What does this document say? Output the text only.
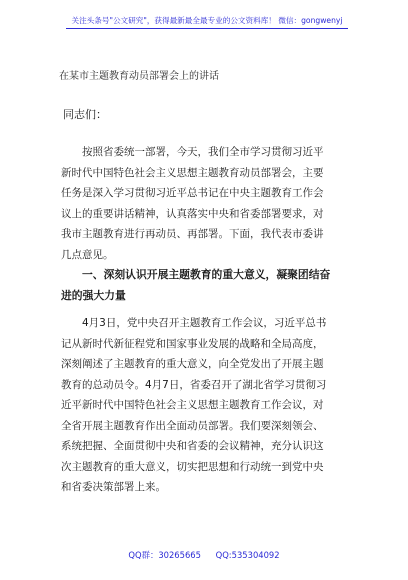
关注头条号"公文研究"，获得最新最全最专业的公文资料库！ 微信：gongwenyj
在某市主题教育动员部署会上的讲话
同志们：

按照省委统一部署，今天，我们全市学习贯彻习近平
新时代中国特色社会主义思想主题教育动员部署会，主要
任务是深入学习贯彻习近平总书记在中央主题教育工作会
议上的重要讲话精神，认真落实中央和省委部署要求，对
我市主题教育进行再动员、再部署。下面，我代表市委讲
几点意见。

一、深刻认识开展主题教育的重大意义，凝聚团结奋
进的强大力量

4月3日，党中央召开主题教育工作会议，习近平总书
记从新时代新征程党和国家事业发展的战略和全局高度，
深刻阐述了主题教育的重大意义，向全党发出了开展主题
教育的总动员令。4月7日，省委召开了湖北省学习贯彻习
近平新时代中国特色社会主义思想主题教育工作会议，对
全省开展主题教育作出全面动员部署。我们要深刻领会、
系统把握、全面贯彻中央和省委的会议精神，充分认识这
次主题教育的重大意义，切实把思想和行动统一到党中央
和省委决策部署上来。

QQ群：30265665 QQ:535304092
